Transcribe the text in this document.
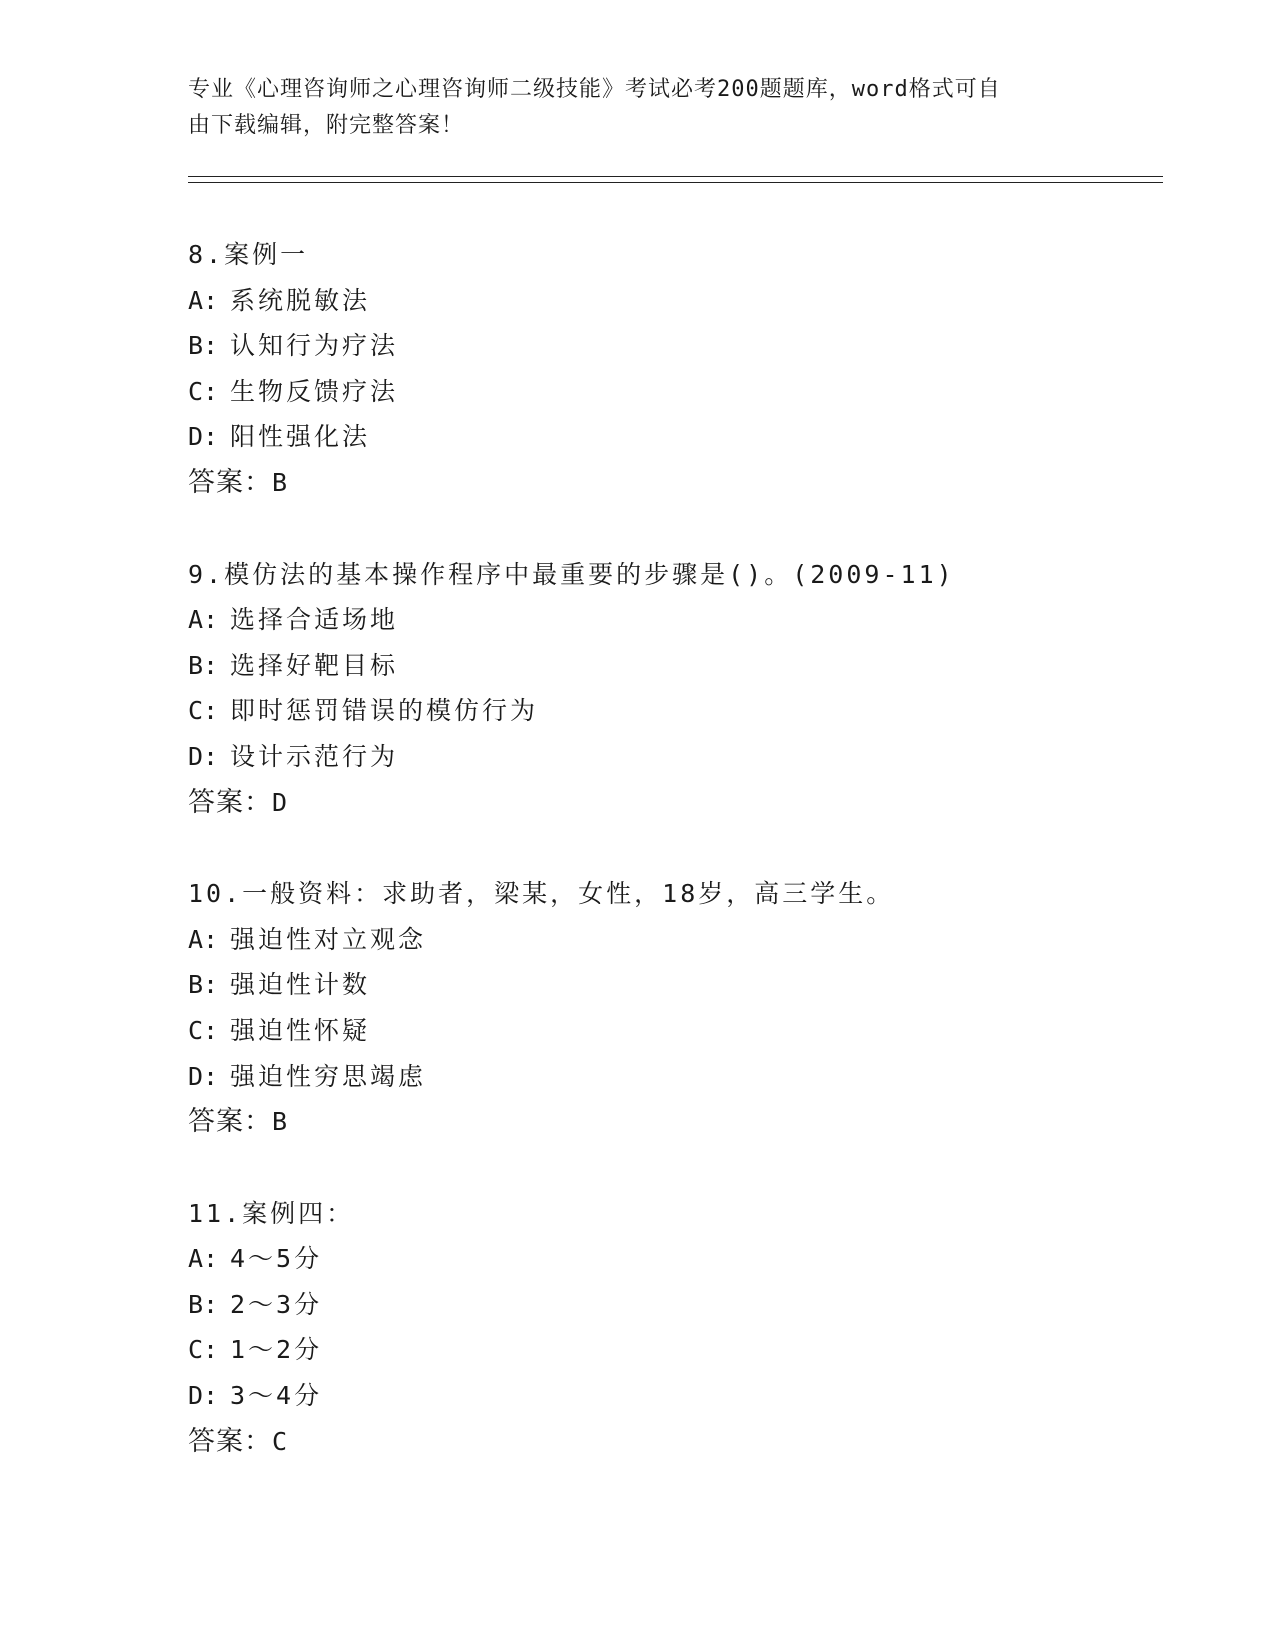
专业《心理咨询师之心理咨询师二级技能》考试必考200题题库，word格式可自
由下载编辑，附完整答案！
8.案例一
A: 系统脱敏法
B: 认知行为疗法
C: 生物反馈疗法
D: 阳性强化法
答案：B
9.模仿法的基本操作程序中最重要的步骤是()。(2009-11)
A: 选择合适场地
B: 选择好靶目标
C: 即时惩罚错误的模仿行为
D: 设计示范行为
答案：D
10.一般资料：求助者，梁某，女性，18岁，高三学生。
A: 强迫性对立观念
B: 强迫性计数
C: 强迫性怀疑
D: 强迫性穷思竭虑
答案：B
11.案例四：
A: 4～5分
B: 2～3分
C: 1～2分
D: 3～4分
答案：C
